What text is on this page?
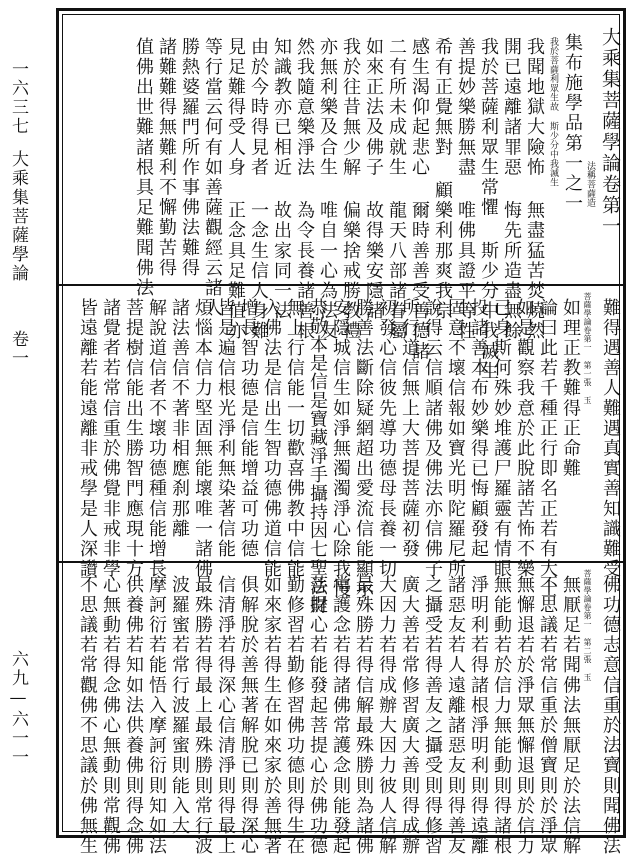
一六三七
大乘集菩薩學論
卷一
六九—六一一
大乘集菩薩學論卷第一
法稱菩薩造
集布施學品第一之一
我於菩薩利眾生故 斯少分中我滅生
我聞地獄大險怖 無盡猛苦焚燒然
開已遠離諸罪惡 悔先所造盡無餘
我於菩薩利眾生常懼 斯少分中我滅生
善提妙樂勝無盡 唯佛具證平等性
希有正覺無對 顧樂利那爽我宗
感生渴仰起悲心 爾時善善受善德諸
二有所未成就生 龍天八部諸眷屬
如來正法及佛子 故得樂安隱諸
我於往昔無少解 偏樂捨戒勝教禮
亦無利樂及合生 唯自一心為法友
然我隨意樂淨法 為令長養諸善根
知識教亦已相近 故出家同一法
由於今時得見者 一念生信人身難
見足難得受人身 正念具足難值亦
等行當云何有如善薩觀經云諸人
勝熱婆羅門所作事佛法難得
諸難難得無難利不懈勤苦得
值佛出世難諸根具足難聞佛法
菩薩學論卷第一 第一張 玉 難得遇善人難遇真實善知識難受
如理正教難得正命難
論曰此若千種正行即名正若有大士
如是觀察我意於此脫諸苦怖不樂
已身斯何殊妙堆護尸羅靈有情眼
投諸善本布妙樂得已悔顧發起
固意不壞信報如寶光明陀羅尼所
說得云信順諸佛及佛法亦信佛子
所行道信無上大菩提菩薩初發
初發心信彼先導功德母長養一切
勝善法斷除疑網超出愛流信能顯示
安隱城信生如淨無濁濁淨心除我慢
恭敬本是信是寶藏淨手攝持因七聖法財
無上行信能一切歡喜佛教中信能
入佛法是信出生智功德佛道信能
增長智功德是信能增益可功德
皆是遍信根光淨利無染著信能
煩惱本信力堅固無能壞唯一諸佛
諸法善信不著非相應刹那離
解說道信者不壞功德種信能增長
菩提樹信能出生勝智門應現十方
諸覺者若常信重於佛覺非戒非學
皆遠離若能遠離非戒學是人深讚
菩薩學論卷第一 第二張 玉 佛功德志意信重於法寶則聞佛法
無厭足若聞佛法無厭足於法信解
不思議若常信重於僧寶則於淨眾
無懈退若於淨眾無懈退則於信力
無能動若於信力無能動則得諸根
淨明利若得諸根淨明利則得遠離
諸惡友若人遠離諸惡友則得善友
之攝受若得善友之攝受則得修習
廣大善若常修習廣大善則得成辦
大因力若得成辦大因力彼人信解
最殊勝若得信解最殊勝則為諸佛
常護念若得諸佛常護念則能發起
菩提心若能發起菩提心於佛功德
勤修習若勤修習佛功德則得生在
如來家若得生在如來家於善無著
俱解脫於善無著解脫已則得深心
信清淨若得深心信清淨則得最上
最殊勝若得最上最殊勝則常行波
波羅蜜若常行波羅蜜則能入大
摩訶衍若能悟入摩訶衍則知如法
供養佛若知如法供養佛則得念佛
心無動若得念佛心無動則常觀佛
不思議若常觀佛不思議於佛無生
